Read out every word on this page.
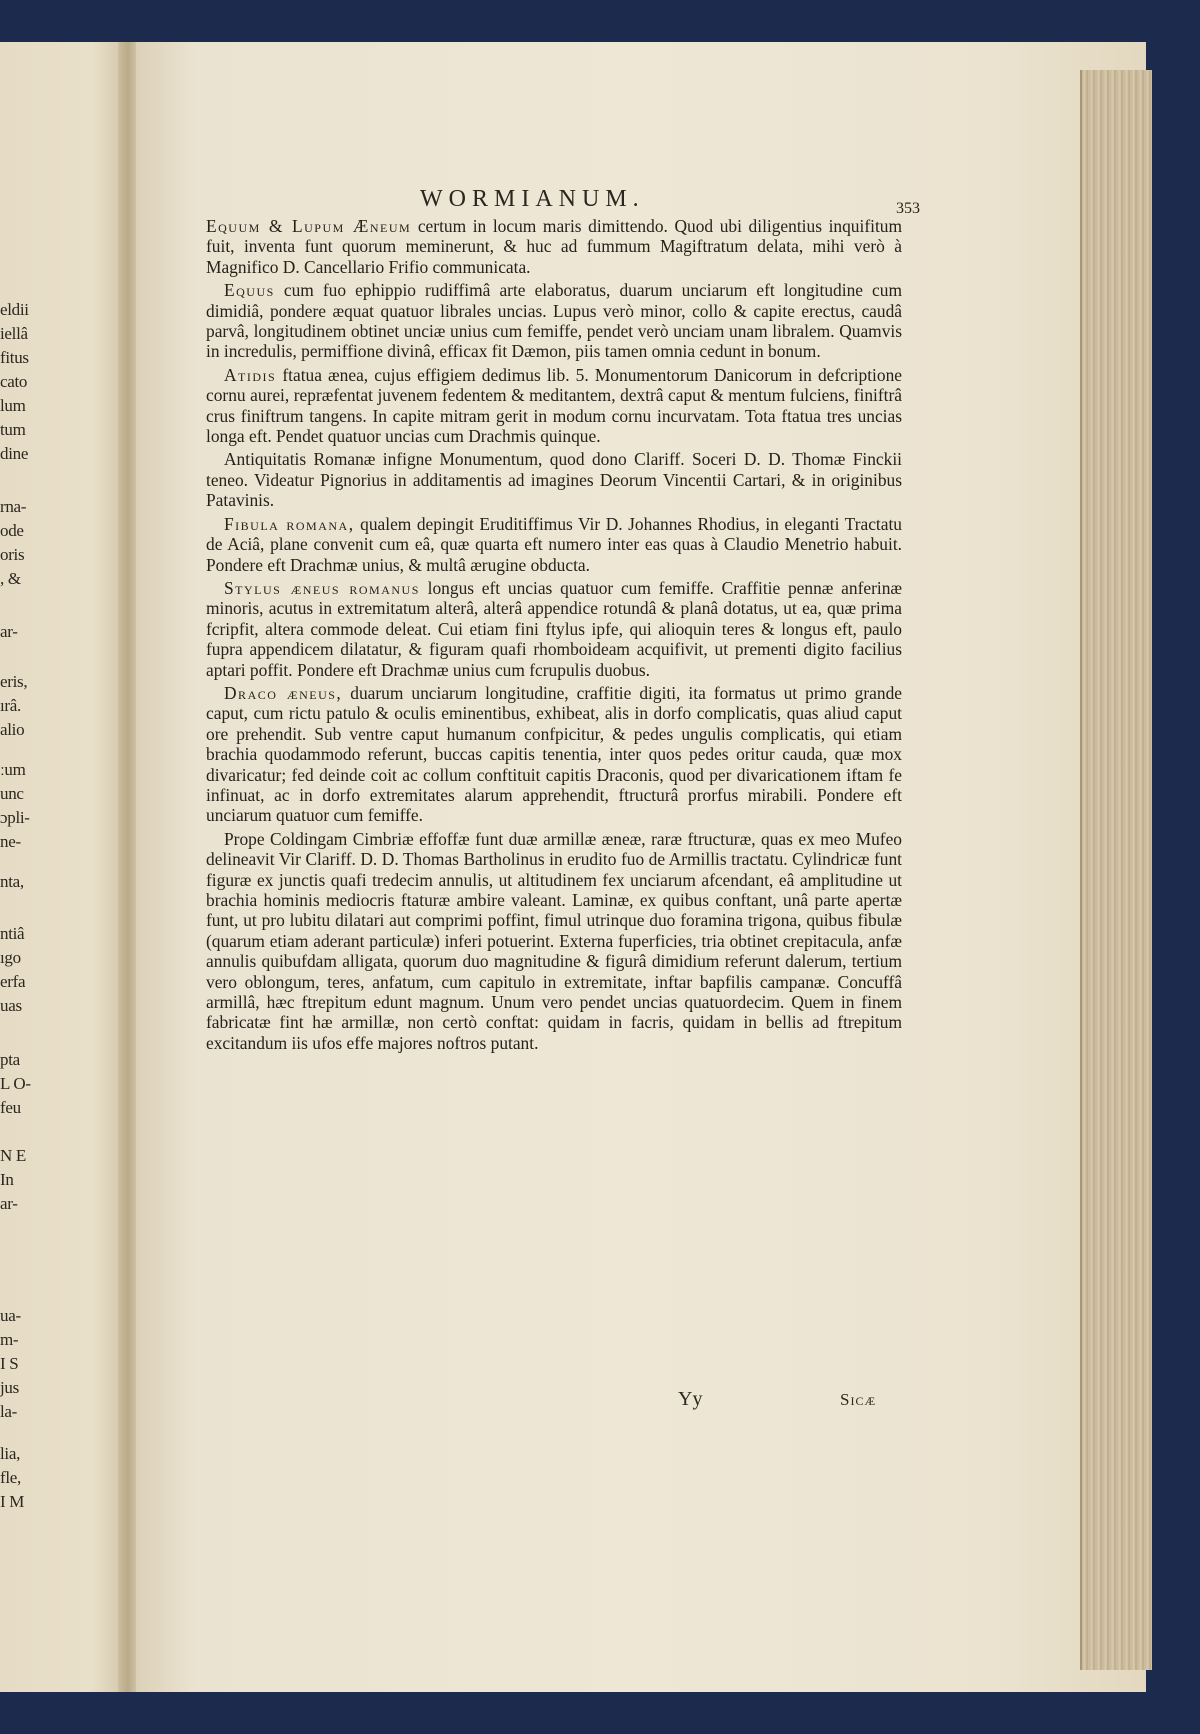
eldii
iellâ
fitus
cato
lum
tum
dine
rna-
ode
oris
, &
ar-
eris,
ırâ.
alio
ːum
unc
ɔpli-
ne-
nta,
ntiâ
ıgo
erfa
uas
pta
L O-
feu
N E
In
ar-
ua-
m-
I S
jus
la-
lia,
fle,
I M
WORMIANUM.	353

Equum & Lupum Æneum certum in locum maris dimittendo. Quod ubi diligentius inquifitum fuit, inventa funt quorum meminerunt, & huc ad fummum Magiftratum delata, mihi verò à Magnifico D. Cancellario Frifio communicata.

Equus cum fuo ephippio rudiffimâ arte elaboratus, duarum unciarum eft longitudine cum dimidiâ, pondere æquat quatuor librales uncias. Lupus verò minor, collo & capite erectus, caudâ parvâ, longitudinem obtinet unciæ unius cum femiffe, pendet verò unciam unam libralem. Quamvis in incredulis, permiffione divinâ, efficax fit Dæmon, piis tamen omnia cedunt in bonum.

Atidis ftatua ænea, cujus effigiem dedimus lib. 5. Monumentorum Danicorum in defcriptione cornu aurei, repræfentat juvenem fedentem & meditantem, dextrâ caput & mentum fulciens, finiftrâ crus finiftrum tangens. In capite mitram gerit in modum cornu incurvatam. Tota ftatua tres uncias longa eft. Pendet quatuor uncias cum Drachmis quinque.

Antiquitatis Romanæ infigne Monumentum, quod dono Clariff. Soceri D. D. Thomæ Finckii teneo. Videatur Pignorius in additamentis ad imagines Deorum Vincentii Cartari, & in originibus Patavinis.

Fibula romana, qualem depingit Eruditiffimus Vir D. Johannes Rhodius, in eleganti Tractatu de Aciâ, plane convenit cum eâ, quæ quarta eft numero inter eas quas à Claudio Menetrio habuit. Pondere eft Drachmæ unius, & multâ ærugine obducta.

Stylus æneus romanus longus eft uncias quatuor cum femiffe. Craffitie pennæ anferinæ minoris, acutus in extremitatum alterâ, alterâ appendice rotundâ & planâ dotatus, ut ea, quæ prima fcripfit, altera commode deleat. Cui etiam fini ftylus ipfe, qui alioquin teres & longus eft, paulo fupra appendicem dilatatur, & figuram quafi rhomboideam acquifivit, ut prementi digito facilius aptari poffit. Pondere eft Drachmæ unius cum fcrupulis duobus.

Draco æneus, duarum unciarum longitudine, craffitie digiti, ita formatus ut primo grande caput, cum rictu patulo & oculis eminentibus, exhibeat, alis in dorfo complicatis, quas aliud caput ore prehendit. Sub ventre caput humanum confpicitur, & pedes ungulis complicatis, qui etiam brachia quodammodo referunt, buccas capitis tenentia, inter quos pedes oritur cauda, quæ mox divaricatur; fed deinde coit ac collum conftituit capitis Draconis, quod per divaricationem iftam fe infinuat, ac in dorfo extremitates alarum apprehendit, ftructurâ prorfus mirabili. Pondere eft unciarum quatuor cum femiffe.

Prope Coldingam Cimbriæ effoffæ funt duæ armillæ æneæ, raræ ftructuræ, quas ex meo Mufeo delineavit Vir Clariff. D. D. Thomas Bartholinus in erudito fuo de Armillis tractatu. Cylindricæ funt figuræ ex junctis quafi tredecim annulis, ut altitudinem fex unciarum afcendant, eâ amplitudine ut brachia hominis mediocris ftaturæ ambire valeant. Laminæ, ex quibus conftant, unâ parte apertæ funt, ut pro lubitu dilatari aut comprimi poffint, fimul utrinque duo foramina trigona, quibus fibulæ (quarum etiam aderant particulæ) inferi potuerint. Externa fuperficies, tria obtinet crepitacula, anfæ annulis quibufdam alligata, quorum duo magnitudine & figurâ dimidium referunt dalerum, tertium vero oblongum, teres, anfatum, cum capitulo in extremitate, inftar bapfilis campanæ. Concuffâ armillâ, hæc ftrepitum edunt magnum. Unum vero pendet uncias quatuordecim. Quem in finem fabricatæ fint hæ armillæ, non certò conftat: quidam in facris, quidam in bellis ad ftrepitum excitandum iis ufos effe majores noftros putant.

Yy	Sicæ
